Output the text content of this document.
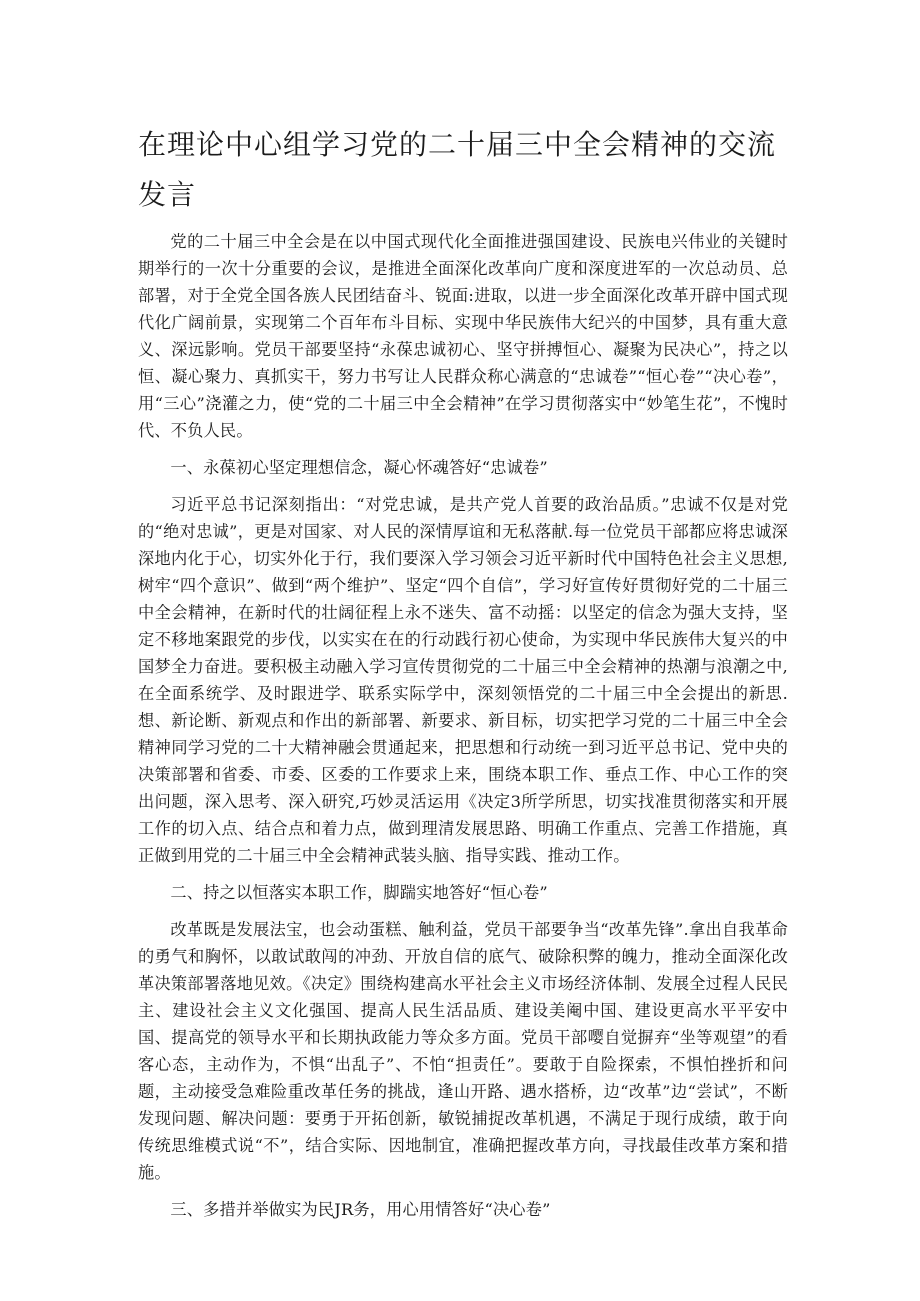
在理论中心组学习党的二十届三中全会精神的交流发言

党的二十届三中全会是在以中国式现代化全面推进强国建设、民族电兴伟业的关键时期举行的一次十分重要的会议，是推进全面深化改革向广度和深度进军的一次总动员、总部署，对于全党全国各族人民团结奋斗、锐面:进取，以进一步全面深化改革开辟中国式现代化广阔前景，实现第二个百年布斗目标、实现中华民族伟大纪兴的中国梦，具有重大意义、深远影响。党员干部要坚持“永葆忠诚初心、坚守拼搏恒心、凝聚为民决心”，持之以恒、凝心聚力、真抓实干，努力书写让人民群众称心满意的“忠诚卷”“恒心卷”“决心卷”，用“三心”浇灌之力，使“党的二十届三中全会精神”在学习贯彻落实中“妙笔生花”，不愧时代、不负人民。

一、永葆初心坚定理想信念，凝心怀魂答好“忠诚卷”

习近平总书记深刻指出：“对党忠诚，是共产党人首要的政治品质。”忠诚不仅是对党的“绝对忠诚”，更是对国家、对人民的深情厚谊和无私落献.每一位党员干部都应将忠诚深深地内化于心，切实外化于行，我们要深入学习领会习近平新时代中国特色社会主义思想,树牢“四个意识”、做到“两个维护”、坚定“四个自信”，学习好宣传好贯彻好党的二十届三中全会精神，在新时代的壮阔征程上永不迷失、富不动摇：以坚定的信念为强大支持，坚定不移地案跟党的步伐，以实实在在的行动践行初心使命，为实现中华民族伟大复兴的中国梦全力奋进。要积极主动融入学习宣传贯彻党的二十届三中全会精神的热潮与浪潮之中,在全面系统学、及时跟进学、联系实际学中，深刻领悟党的二十届三中全会提出的新思.想、新论断、新观点和作出的新部署、新要求、新目标，切实把学习党的二十届三中全会精神同学习党的二十大精神融会贯通起来，把思想和行动统一到习近平总书记、党中央的决策部署和省委、市委、区委的工作要求上来，围绕本职工作、垂点工作、中心工作的突出问题，深入思考、深入研究,巧妙灵活运用《决定3所学所思，切实找准贯彻落实和开展工作的切入点、结合点和着力点，做到理清发展思路、明确工作重点、完善工作措施，真正做到用党的二十届三中全会精神武装头脑、指导实践、推动工作。

二、持之以恒落实本职工作，脚踹实地答好“恒心卷”

改革既是发展法宝，也会动蛋糕、触利益，党员干部要争当“改革先锋”.拿出自我革命的勇气和胸怀，以敢试敢闯的冲劲、开放自信的底气、破除积弊的魄力，推动全面深化改革决策部署落地见效。《决定》围绕构建高水平社会主义市场经济体制、发展全过程人民民主、建设社会主义文化强国、提高人民生活品质、建设美阉中国、建设更高水平平安中国、提高党的领导水平和长期执政能力等众多方面。党员干部嘤自觉摒弃“坐等观望”的看客心态，主动作为，不惧“出乱子”、不怕“担责任”。要敢于自险探索，不惧怕挫折和问题，主动接受急难险重改革任务的挑战，逢山开路、遇水搭桥，边“改革”边“尝试”，不断发现问题、解决问题：要勇于开拓创新，敏锐捕捉改革机遇，不满足于现行成绩，敢于向传统思维模式说“不”，结合实际、因地制宜，准确把握改革方向，寻找最佳改革方案和措施。

三、多措并举做实为民JR务，用心用情答好“决心卷”
